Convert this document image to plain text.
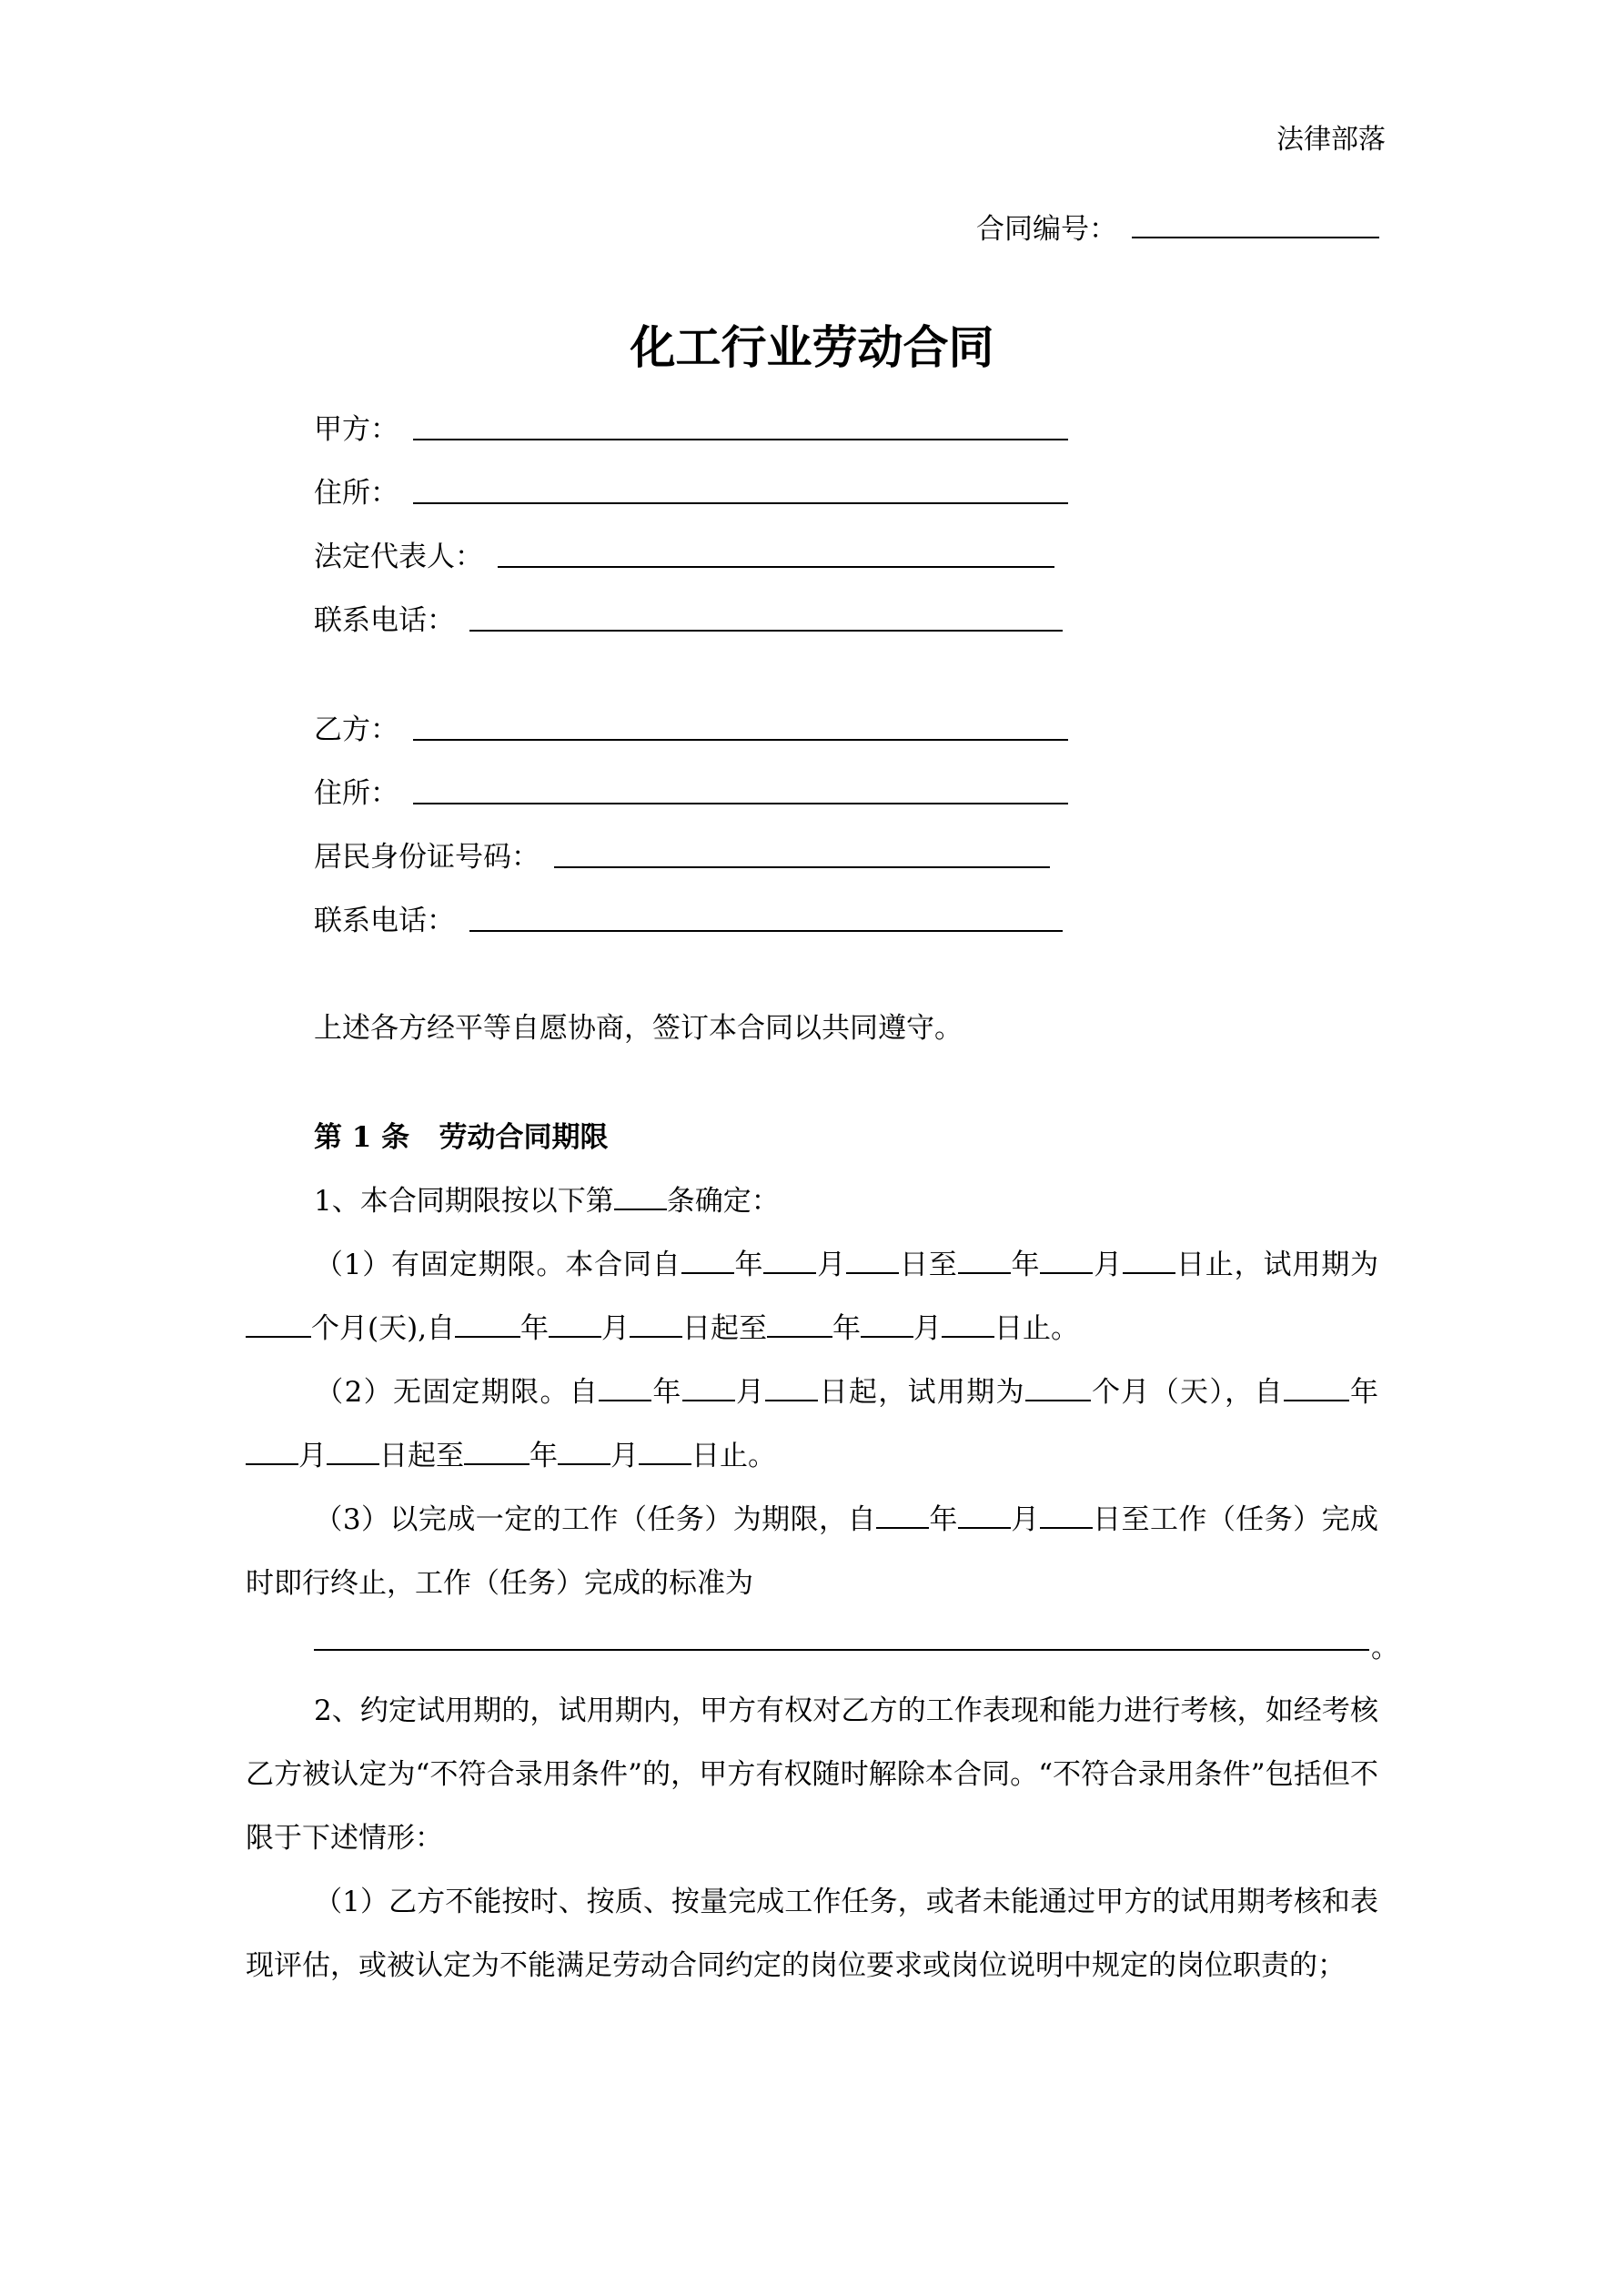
法律部落
合同编号：
化工行业劳动合同
甲方：
住所：
法定代表人：
联系电话：
乙方：
住所：
居民身份证号码：
联系电话：
上述各方经平等自愿协商，签订本合同以共同遵守。
第 1 条 劳动合同期限
1、本合同期限按以下第 条确定：
（1）有固定期限。本合同自 年 月 日至 年 月 日止，试用期为个月(天),自 年 月 日起至 年 月 日止。
（2）无固定期限。自 年 月 日起，试用期为 个月（天），自 年月 日起至 年 月 日止。
（3）以完成一定的工作（任务）为期限，自 年 月 日至工作（任务）完成时即行终止，工作（任务）完成的标准为
。
2、约定试用期的，试用期内，甲方有权对乙方的工作表现和能力进行考核，如经考核乙方被认定为“不符合录用条件”的，甲方有权随时解除本合同。“不符合录用条件”包括但不限于下述情形：
（1）乙方不能按时、按质、按量完成工作任务，或者未能通过甲方的试用期考核和表现评估，或被认定为不能满足劳动合同约定的岗位要求或岗位说明中规定的岗位职责的；
